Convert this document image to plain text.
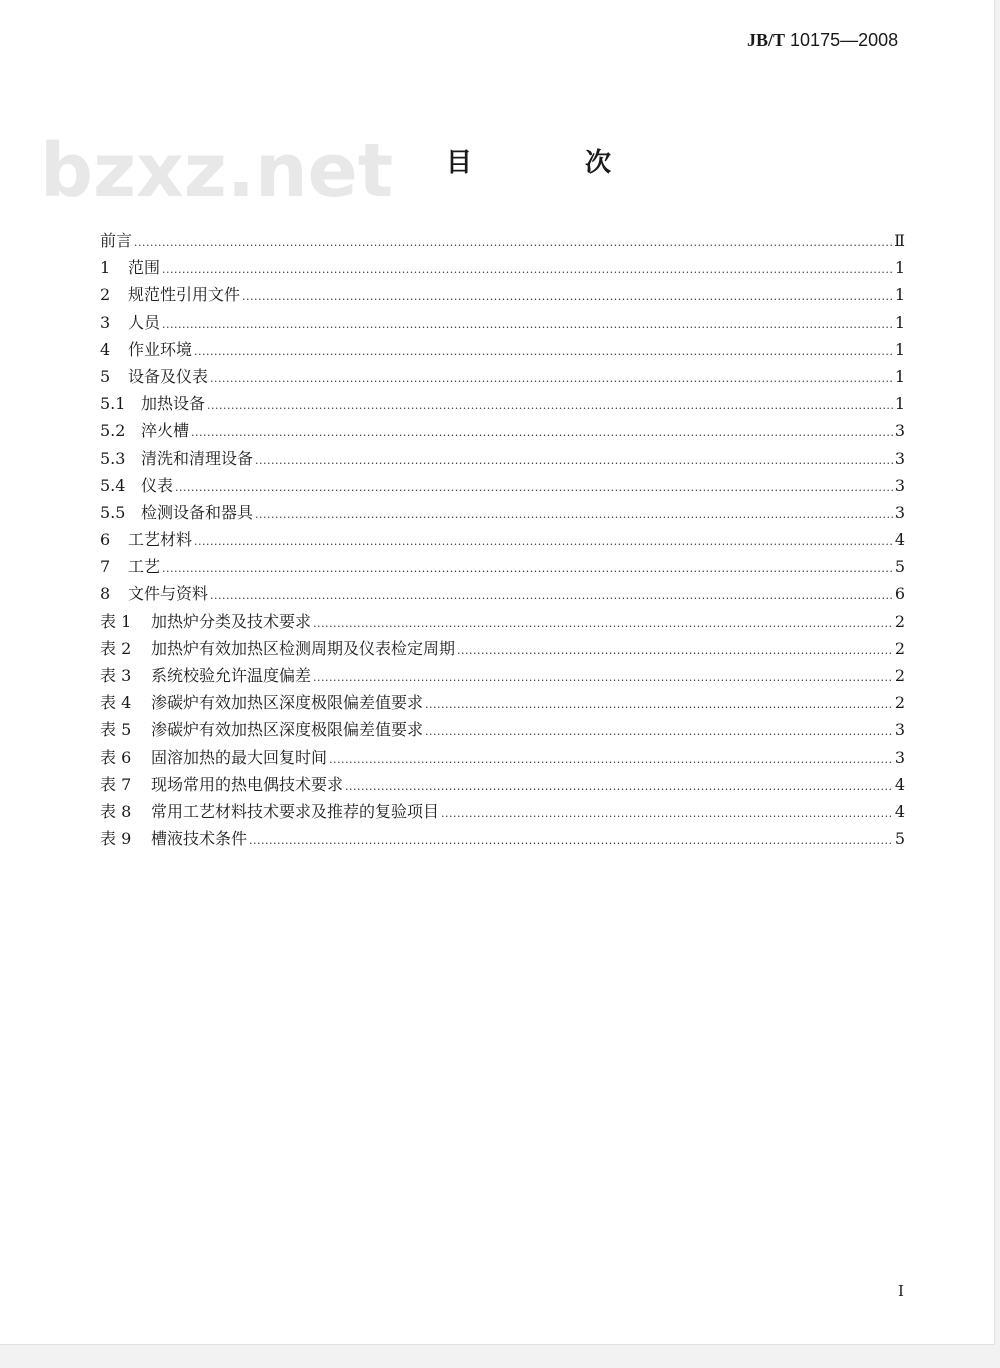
JB/T 10175—2008
bzxz.net 目 次
前言 .....	Ⅱ
1	范围 .....	1
2	规范性引用文件 .....	1
3	人员 .....	1
4	作业环境 .....	1
5	设备及仪表 .....	1
5.1 加热设备 .....	1
5.2 淬火槽 .....	3
5.3 清洗和清理设备 .....	3
5.4 仪表 .....	3
5.5 检测设备和器具 .....	3
6	工艺材料 .....	4
7	工艺 .....	5
8	文件与资料 .....	6
表 1	加热炉分类及技术要求 .....	2
表 2	加热炉有效加热区检测周期及仪表检定周期 .....	2
表 3	系统校验允许温度偏差 .....	2
表 4	渗碳炉有效加热区深度极限偏差值要求 .....	2
表 5	渗碳炉有效加热区深度极限偏差值要求 .....	3
表 6	固溶加热的最大回复时间 .....	3
表 7	现场常用的热电偶技术要求 .....	4
表 8	常用工艺材料技术要求及推荐的复验项目 .....	4
表 9	槽液技术条件 .....	5
I
